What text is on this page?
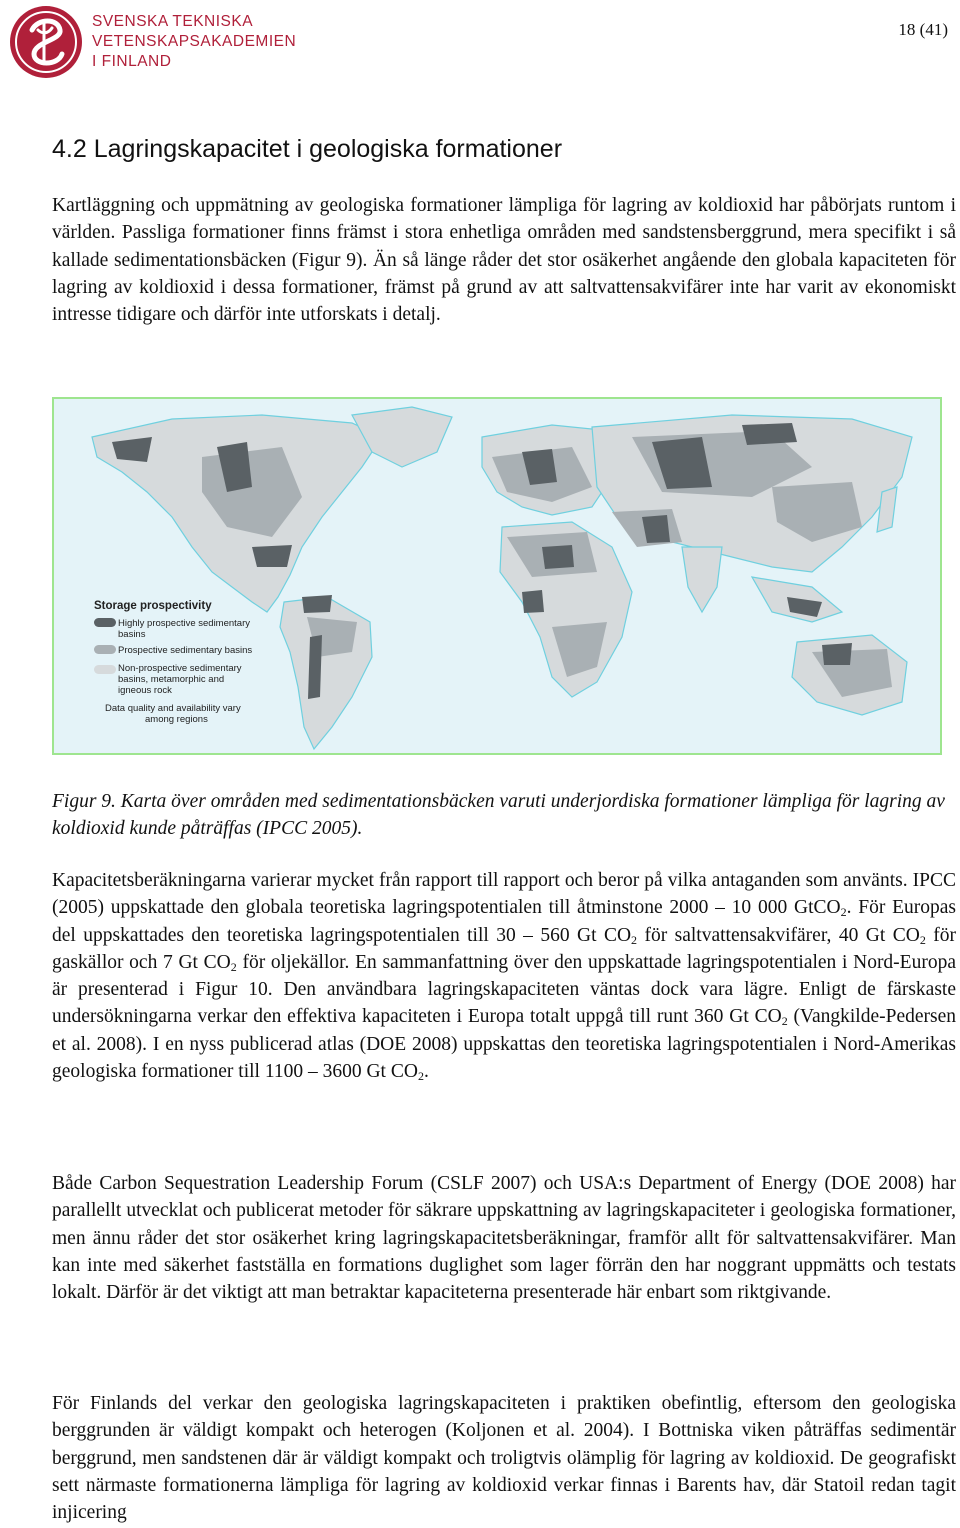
SVENSKA TEKNISKA
VETENSKAPSAKADEMIEN
I FINLAND
18 (41)
4.2 Lagringskapacitet i geologiska formationer

Kartläggning och uppmätning av geologiska formationer lämpliga för lagring av koldioxid har påbörjats runtom i världen. Passliga formationer finns främst i stora enhetliga områden med sandstensberggrund, mera specifikt i så kallade sedimentationsbäcken (Figur 9). Än så länge råder det stor osäkerhet angående den globala kapaciteten för lagring av koldioxid i dessa formationer, främst på grund av att saltvattensakvifärer inte har varit av ekonomiskt intresse tidigare och därför inte utforskats i detalj.

Storage prospectivity
Highly prospective sedimentary
basins
Prospective sedimentary basins
Non-prospective sedimentary
basins, metamorphic and
igneous rock
Data quality and availability vary
among regions

Figur 9. Karta över områden med sedimentationsbäcken varuti underjordiska formationer lämpliga för lagring av koldioxid kunde påträffas (IPCC 2005).

Kapacitetsberäkningarna varierar mycket från rapport till rapport och beror på vilka antaganden som använts. IPCC (2005) uppskattade den globala teoretiska lagringspotentialen till åtminstone 2000 – 10 000 GtCO$_2$. För Europas del uppskattades den teoretiska lagringspotentialen till 30 – 560 Gt $CO_2$ för saltvattensakvifärer, 40 Gt $CO_2$ för gaskällor och 7 Gt $CO_2$ för oljekällor. En sammanfattning över den uppskattade lagringspotentialen i Nord-Europa är presenterad i Figur 10. Den användbara lagringskapaciteten väntas dock vara lägre. Enligt de färskaste undersökningarna verkar den effektiva kapaciteten i Europa totalt uppgå till runt 360 Gt $CO_2$ (Vangkilde-Pedersen et al. 2008). I en nyss publicerad atlas (DOE 2008) uppskattas den teoretiska lagringspotentialen i Nord-Amerikas geologiska formationer till 1100 – 3600 Gt $CO_2$.

Både Carbon Sequestration Leadership Forum (CSLF 2007) och USA:s Department of Energy (DOE 2008) har parallellt utvecklat och publicerat metoder för säkrare uppskattning av lagringskapaciteter i geologiska formationer, men ännu råder det stor osäkerhet kring lagringskapacitetsberäkningar, framför allt för saltvattensakvifärer. Man kan inte med säkerhet fastställa en formations duglighet som lager förrän den har noggrant uppmätts och testats lokalt. Därför är det viktigt att man betraktar kapaciteterna presenterade här enbart som riktgivande.

För Finlands del verkar den geologiska lagringskapaciteten i praktiken obefintlig, eftersom den geologiska berggrunden är väldigt kompakt och heterogen (Koljonen et al. 2004). I Bottniska viken påträffas sedimentär berggrund, men sandstenen där är väldigt kompakt och troligtvis olämplig för lagring av koldioxid. De geografiskt sett närmaste formationerna lämpliga för lagring av koldioxid verkar finnas i Barents hav, där Statoil redan tagit injicering
